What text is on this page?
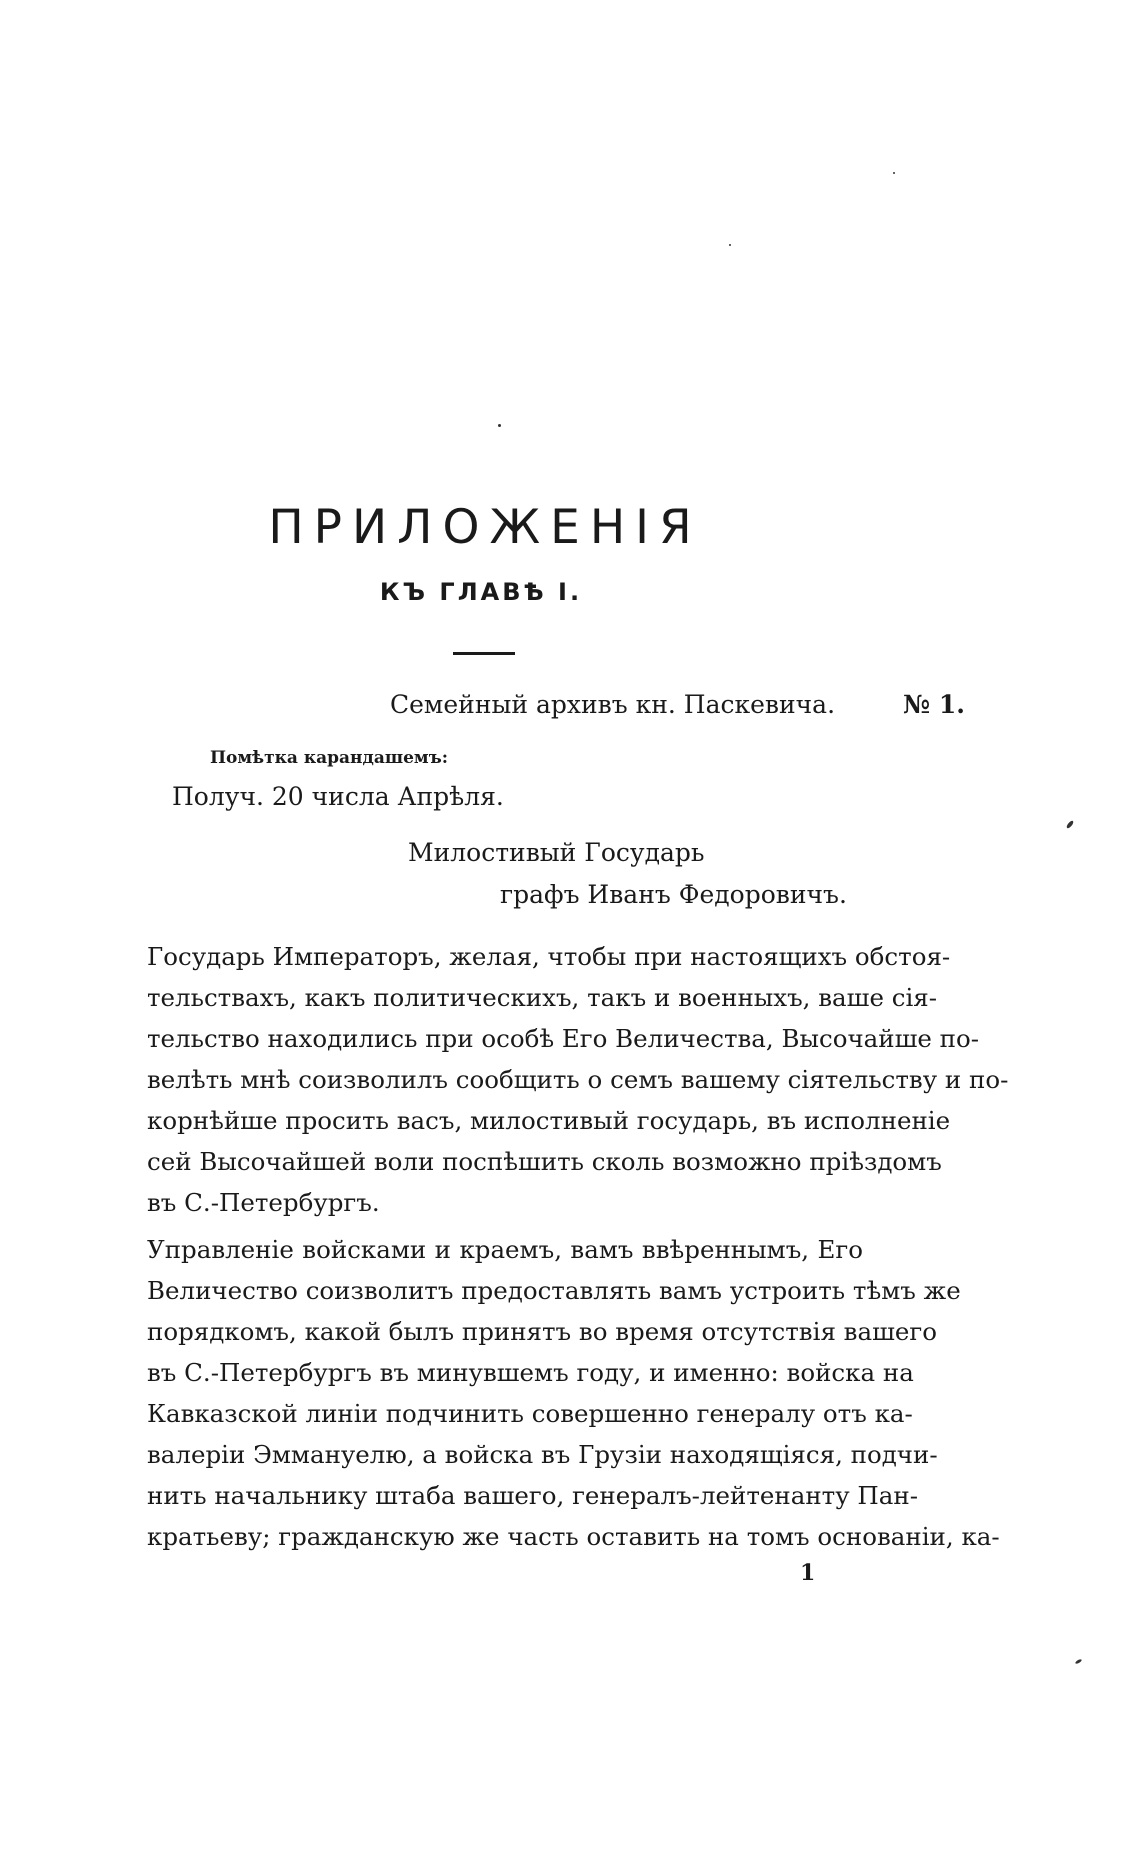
ПРИЛОЖЕНІЯ
КЪ ГЛАВѢ I.
Семейный архивъ кн. Паскевича.	№ 1.
Помѣтка карандашемъ:
Получ. 20 числа Апрѣля.
Милостивый Государь
графъ Иванъ Федоровичъ.
Государь Императоръ, желая, чтобы при настоящихъ обстоя-
тельствахъ, какъ политическихъ, такъ и военныхъ, ваше сія-
тельство находились при особѣ Его Величества, Высочайше по-
велѣть мнѣ соизволилъ сообщить о семъ вашему сіятельству и по-
корнѣйше просить васъ, милостивый государь, въ исполненіе
сей Высочайшей воли поспѣшить сколь возможно пріѣздомъ
въ С.-Петербургъ.
Управленіе войсками и краемъ, вамъ ввѣреннымъ, Его
Величество соизволитъ предоставлять вамъ устроить тѣмъ же
порядкомъ, какой былъ принятъ во время отсутствія вашего
въ С.-Петербургъ въ минувшемъ году, и именно: войска на
Кавказской линіи подчинить совершенно генералу отъ ка-
валеріи Эммануелю, а войска въ Грузіи находящіяся, подчи-
нить начальнику штаба вашего, генералъ-лейтенанту Пан-
кратьеву; гражданскую же часть оставить на томъ основаніи, ка-
1
